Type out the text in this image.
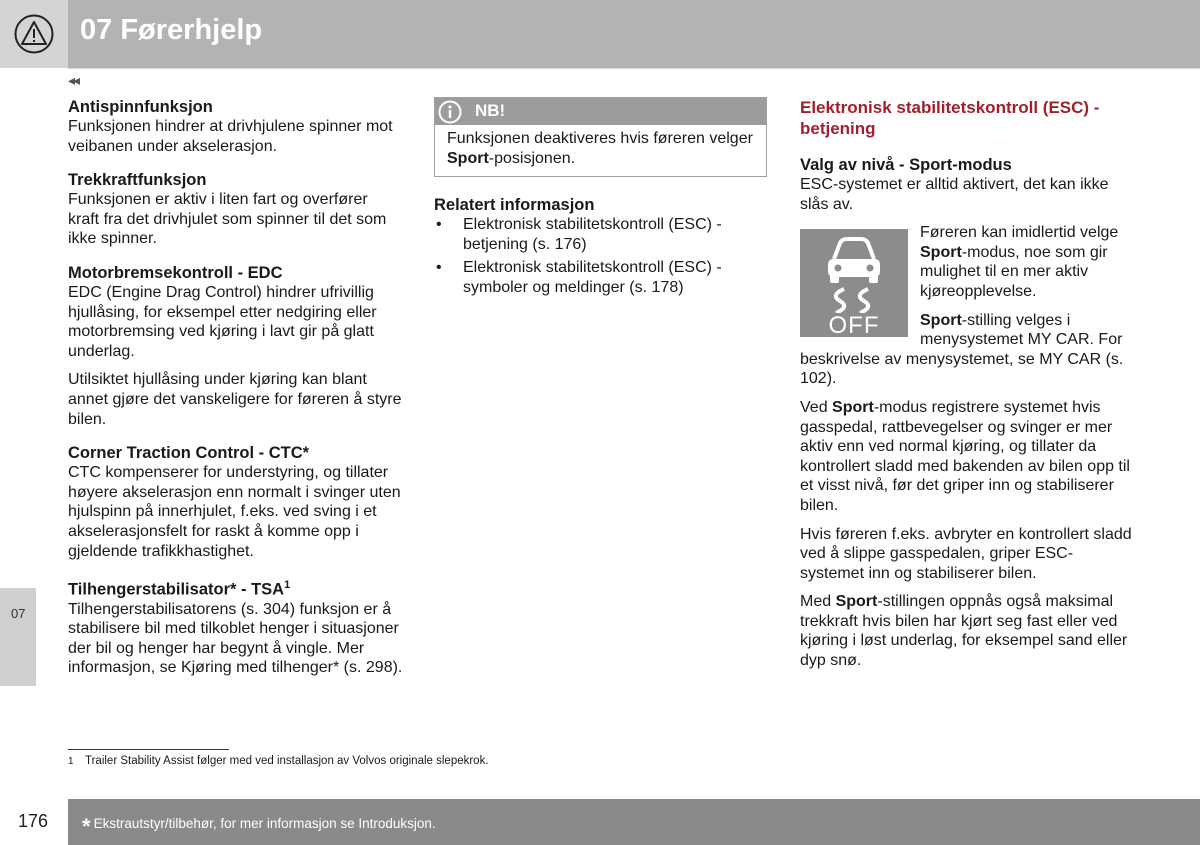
07 Førerhjelp
◂◂
07
Antispinnfunksjon
Funksjonen hindrer at drivhjulene spinner mot veibanen under akselerasjon.
Trekkraftfunksjon
Funksjonen er aktiv i liten fart og overfører kraft fra det drivhjulet som spinner til det som ikke spinner.
Motorbremsekontroll - EDC
EDC (Engine Drag Control) hindrer ufrivillig hjullåsing, for eksempel etter nedgiring eller motorbremsing ved kjøring i lavt gir på glatt underlag.
Utilsiktet hjullåsing under kjøring kan blant annet gjøre det vanskeligere for føreren å styre bilen.
Corner Traction Control - CTC*
CTC kompenserer for understyring, og tillater høyere akselerasjon enn normalt i svinger uten hjulspinn på innerhjulet, f.eks. ved sving i et akselerasjonsfelt for raskt å komme opp i gjeldende trafikkhastighet.
Tilhengerstabilisator* - TSA$^1$
Tilhengerstabilisatorens (s. 304) funksjon er å stabilisere bil med tilkoblet henger i situasjoner der bil og henger har begynt å vingle. Mer informasjon, se Kjøring med tilhenger* (s. 298).
NB!
Funksjonen deaktiveres hvis føreren velger Sport-posisjonen.
Relatert informasjon
• Elektronisk stabilitetskontroll (ESC) - betjening (s. 176)
• Elektronisk stabilitetskontroll (ESC) - symboler og meldinger (s. 178)
Elektronisk stabilitetskontroll (ESC) - betjening
Valg av nivå - Sport-modus
ESC-systemet er alltid aktivert, det kan ikke slås av.
OFF
Føreren kan imidlertid velge Sport-modus, noe som gir mulighet til en mer aktiv kjøreopplevelse.
Sport-stilling velges i menysystemet MY CAR. For beskrivelse av menysystemet, se MY CAR (s. 102).
Ved Sport-modus registrere systemet hvis gasspedal, rattbevegelser og svinger er mer aktiv enn ved normal kjøring, og tillater da kontrollert sladd med bakenden av bilen opp til et visst nivå, før det griper inn og stabiliserer bilen.
Hvis føreren f.eks. avbryter en kontrollert sladd ved å slippe gasspedalen, griper ESC-systemet inn og stabiliserer bilen.
Med Sport-stillingen oppnås også maksimal trekkraft hvis bilen har kjørt seg fast eller ved kjøring i løst underlag, for eksempel sand eller dyp snø.
1 Trailer Stability Assist følger med ved installasjon av Volvos originale slepekrok.
176 * Ekstrautstyr/tilbehør, for mer informasjon se Introduksjon.
